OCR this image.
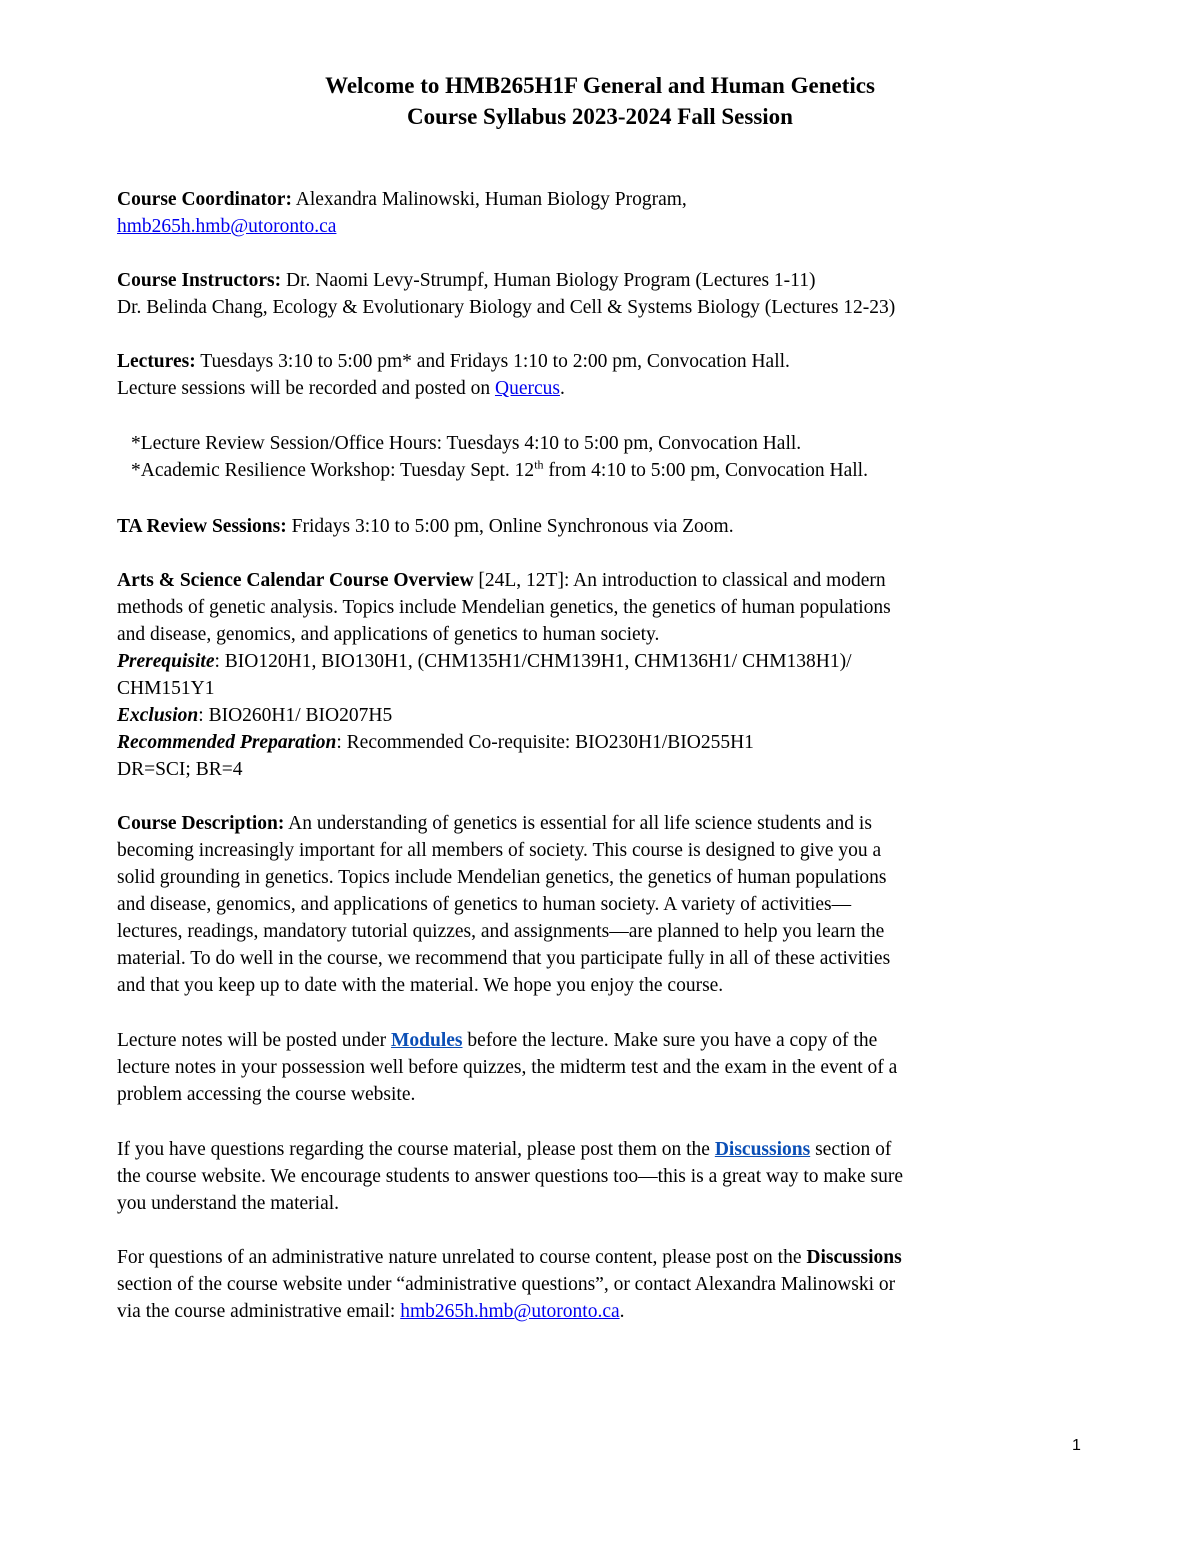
Welcome to HMB265H1F General and Human Genetics
Course Syllabus 2023-2024 Fall Session
Course Coordinator: Alexandra Malinowski, Human Biology Program,
hmb265h.hmb@utoronto.ca
Course Instructors: Dr. Naomi Levy-Strumpf, Human Biology Program (Lectures 1-11)
Dr. Belinda Chang, Ecology & Evolutionary Biology and Cell & Systems Biology (Lectures 12-23)
Lectures: Tuesdays 3:10 to 5:00 pm* and Fridays 1:10 to 2:00 pm, Convocation Hall.
Lecture sessions will be recorded and posted on Quercus.
*Lecture Review Session/Office Hours: Tuesdays 4:10 to 5:00 pm, Convocation Hall.
*Academic Resilience Workshop: Tuesday Sept. 12th from 4:10 to 5:00 pm, Convocation Hall.
TA Review Sessions: Fridays 3:10 to 5:00 pm, Online Synchronous via Zoom.
Arts & Science Calendar Course Overview [24L, 12T]: An introduction to classical and modern
methods of genetic analysis. Topics include Mendelian genetics, the genetics of human populations
and disease, genomics, and applications of genetics to human society.
Prerequisite: BIO120H1, BIO130H1, (CHM135H1/CHM139H1, CHM136H1/ CHM138H1)/
CHM151Y1
Exclusion: BIO260H1/ BIO207H5
Recommended Preparation: Recommended Co-requisite: BIO230H1/BIO255H1
DR=SCI; BR=4
Course Description: An understanding of genetics is essential for all life science students and is
becoming increasingly important for all members of society. This course is designed to give you a
solid grounding in genetics. Topics include Mendelian genetics, the genetics of human populations
and disease, genomics, and applications of genetics to human society. A variety of activities—
lectures, readings, mandatory tutorial quizzes, and assignments—are planned to help you learn the
material. To do well in the course, we recommend that you participate fully in all of these activities
and that you keep up to date with the material. We hope you enjoy the course.
Lecture notes will be posted under Modules before the lecture. Make sure you have a copy of the
lecture notes in your possession well before quizzes, the midterm test and the exam in the event of a
problem accessing the course website.
If you have questions regarding the course material, please post them on the Discussions section of
the course website. We encourage students to answer questions too—this is a great way to make sure
you understand the material.
For questions of an administrative nature unrelated to course content, please post on the Discussions
section of the course website under “administrative questions”, or contact Alexandra Malinowski or
via the course administrative email: hmb265h.hmb@utoronto.ca.
1
